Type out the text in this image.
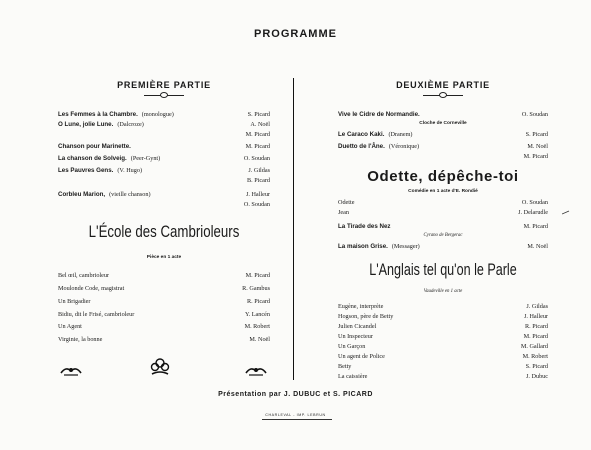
PROGRAMME
PREMIÈRE PARTIE
Les Femmes à la Chambre. (monologue)	S. Picard
O Lune, jolie Lune. (Dalcroze)	A. Noël
M. Picard
Chanson pour Marinette.	M. Picard
La chanson de Solveig. (Peer-Gynt)	O. Soudan
Les Pauvres Gens. (V. Hugo)	J. Gildas
B. Picard
Corbleu Marion, (vieille chanson)	J. Halleur
O. Soudan
L'École des Cambrioleurs
Pièce en 1 acte
Bel œil, cambrioleur	M. Picard
Moulonde Code, magistrat	R. Gambus
Un Brigadier	R. Picard
Bidiu, dit le Frisé, cambrioleur	Y. Lancén
Un Agent	M. Robert
Virginie, la bonne	M. Noël
DEUXIÈME PARTIE
Vive le Cidre de Normandie.	O. Soudan
Cloche de Corneville
Le Caraco Kaki. (Dranem)	S. Picard
Duetto de l'Âne. (Véronique)	M. Noël
M. Picard
Odette, dépêche-toi
Comédie en 1 acte d'E. Rondié
Odette	O. Soudan
Jean	J. Delarudle
La Tirade des Nez	M. Picard
Cyrano de Bergerac
La maison Grise. (Messager)	M. Noël
L'Anglais tel qu'on le Parle
Vaudeville en 1 acte
Eugène, interprète	J. Gildas
Hogson, père de Betty	J. Halleur
Julien Cicandel	R. Picard
Un Inspecteur	M. Picard
Un Garçon	M. Gallard
Un agent de Police	M. Robert
Betty	S. Picard
La caissière	J. Dubuc
Présentation par J. DUBUC et S. PICARD
CHARLEVAL - IMP. LEBRUN
